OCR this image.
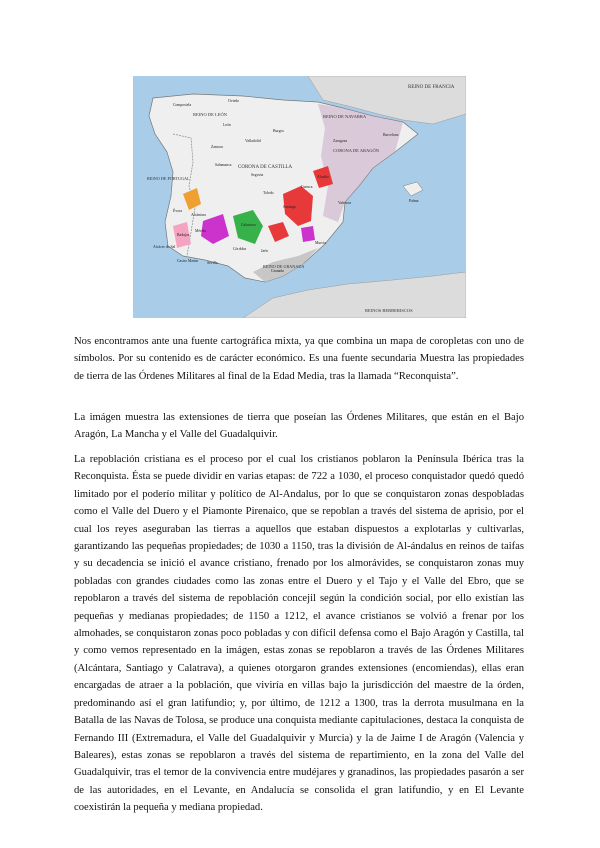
REINO DE FRANCIA
REINO DE NAVARRA
REINO DE LEÓN
CORONA DE CASTILLA
CORONA DE ARAGÓN
REINO DE PORTUGAL
REINO DE GRANADA
REINOS BERBERISCOS
Compostela
Oviedo
León
Burgos
Valladolid
Zamora
Salamanca
Toledo
Alcántara
Mérida
Badajoz
Évora
Alcácer do Sal
Santiago
Calatrava
Alcañiz
Segovia
Cuenca
Valencia
Murcia
Córdoba
Sevilla
Jaén
Granada
Castro Marim
Zaragoza
Barcelona
Palma
Nos encontramos ante una fuente cartográfica mixta, ya que combina un mapa de coropletas con uno de símbolos. Por su contenido es de carácter económico. Es una fuente secundaria Muestra las propiedades de tierra de las Órdenes Militares al final de la Edad Media, tras la llamada “Reconquista”.
La imágen muestra las extensiones de tierra que poseían las Órdenes Militares, que están en el Bajo Aragón, La Mancha y el Valle del Guadalquivir.
La repoblación cristiana es el proceso por el cual los cristianos poblaron la Península Ibérica tras la Reconquista. Ésta se puede dividir en varias etapas: de 722 a 1030, el proceso conquistador quedó quedó limitado por el poderío militar y político de Al-Andalus, por lo que se conquistaron zonas despobladas como el Valle del Duero y el Piamonte Pirenaico, que se repoblan a través del sistema de aprisio, por el cual los reyes aseguraban las tierras a aquellos que estaban dispuestos a explotarlas y cultivarlas, garantizando las pequeñas propiedades; de 1030 a 1150, tras la división de Al-ándalus en reinos de taifas y su decadencia se inició el avance cristiano, frenado por los almorávides, se conquistaron zonas muy pobladas con grandes ciudades como las zonas entre el Duero y el Tajo y el Valle del Ebro, que se repoblaron a través del sistema de repoblación concejil según la condición social, por ello existían las pequeñas y medianas propiedades; de 1150 a 1212, el avance cristianos se volvió a frenar por los almohades, se conquistaron zonas poco pobladas y con difícil defensa como el Bajo Aragón y Castilla, tal y como vemos representado en la imágen, estas zonas se repoblaron a través de las Órdenes Militares (Alcántara, Santiago y Calatrava), a quienes otorgaron grandes extensiones (encomiendas), ellas eran encargadas de atraer a la población, que viviría en villas bajo la jurisdicción del maestre de la órden, predominando así el gran latifundio; y, por último, de 1212 a 1300, tras la derrota musulmana en la Batalla de las Navas de Tolosa, se produce una conquista mediante capitulaciones, destaca la conquista de Fernando III (Extremadura, el Valle del Guadalquivir y Murcia) y la de Jaime I de Aragón (Valencia y Baleares), estas zonas se repoblaron a través del sistema de repartimiento, en la zona del Valle del Guadalquivir, tras el temor de la convivencia entre mudéjares y granadinos, las propiedades pasarón a ser de las autoridades, en el Levante, en Andalucía se consolida el gran latifundio, y en El Levante coexistirán la pequeña y mediana propiedad.
